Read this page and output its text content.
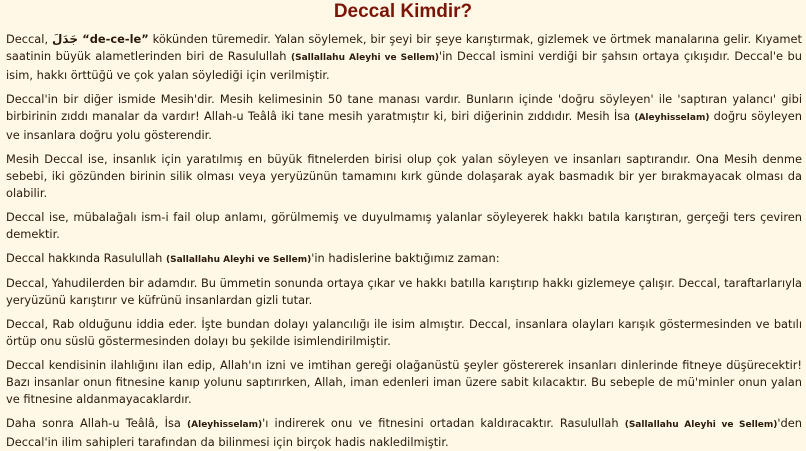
Deccal Kimdir?

Deccal, جَدَلَ “de-ce-le” kökünden türemedir. Yalan söylemek, bir şeyi bir şeye karıştırmak, gizlemek ve örtmek manalarına gelir. Kıyamet saatinin büyük alametlerinden biri de Rasulullah (Sallallahu Aleyhi ve Sellem)'in Deccal ismini verdiği bir şahsın ortaya çıkışıdır. Deccal'e bu isim, hakkı örttüğü ve çok yalan söylediği için verilmiştir.

Deccal'in bir diğer ismide Mesih'dir. Mesih kelimesinin 50 tane manası vardır. Bunların içinde 'doğru söyleyen' ile 'saptıran yalancı' gibi birbirinin zıddı manalar da vardır! Allah-u Teâlâ iki tane mesih yaratmıştır ki, biri diğerinin zıddıdır. Mesih İsa (Aleyhisselam) doğru söyleyen ve insanlara doğru yolu gösterendir.

Mesih Deccal ise, insanlık için yaratılmış en büyük fitnelerden birisi olup çok yalan söyleyen ve insanları saptırandır. Ona Mesih denme sebebi, iki gözünden birinin silik olması veya yeryüzünün tamamını kırk günde dolaşarak ayak basmadık bir yer bırakmayacak olması da olabilir.

Deccal ise, mübalağalı ism-i fail olup anlamı, görülmemiş ve duyulmamış yalanlar söyleyerek hakkı batıla karıştıran, gerçeği ters çeviren demektir.

Deccal hakkında Rasulullah (Sallallahu Aleyhi ve Sellem)'in hadislerine baktığımız zaman:

Deccal, Yahudilerden bir adamdır. Bu ümmetin sonunda ortaya çıkar ve hakkı batılla karıştırıp hakkı gizlemeye çalışır. Deccal, taraftarlarıyla yeryüzünü karıştırır ve küfrünü insanlardan gizli tutar.

Deccal, Rab olduğunu iddia eder. İşte bundan dolayı yalancılığı ile isim almıştır. Deccal, insanlara olayları karışık göstermesinden ve batılı örtüp onu süslü göstermesinden dolayı bu şekilde isimlendirilmiştir.

Deccal kendisinin ilahlığını ilan edip, Allah'ın izni ve imtihan gereği olağanüstü şeyler göstererek insanları dinlerinde fitneye düşürecektir! Bazı insanlar onun fitnesine kanıp yolunu saptırırken, Allah, iman edenleri iman üzere sabit kılacaktır. Bu sebeple de mü'minler onun yalan ve fitnesine aldanmayacaklardır.

Daha sonra Allah-u Teâlâ, İsa (Aleyhisselam)'ı indirerek onu ve fitnesini ortadan kaldıracaktır. Rasulullah (Sallallahu Aleyhi ve Sellem)'den Deccal'in ilim sahipleri tarafından da bilinmesi için birçok hadis nakledilmiştir.
